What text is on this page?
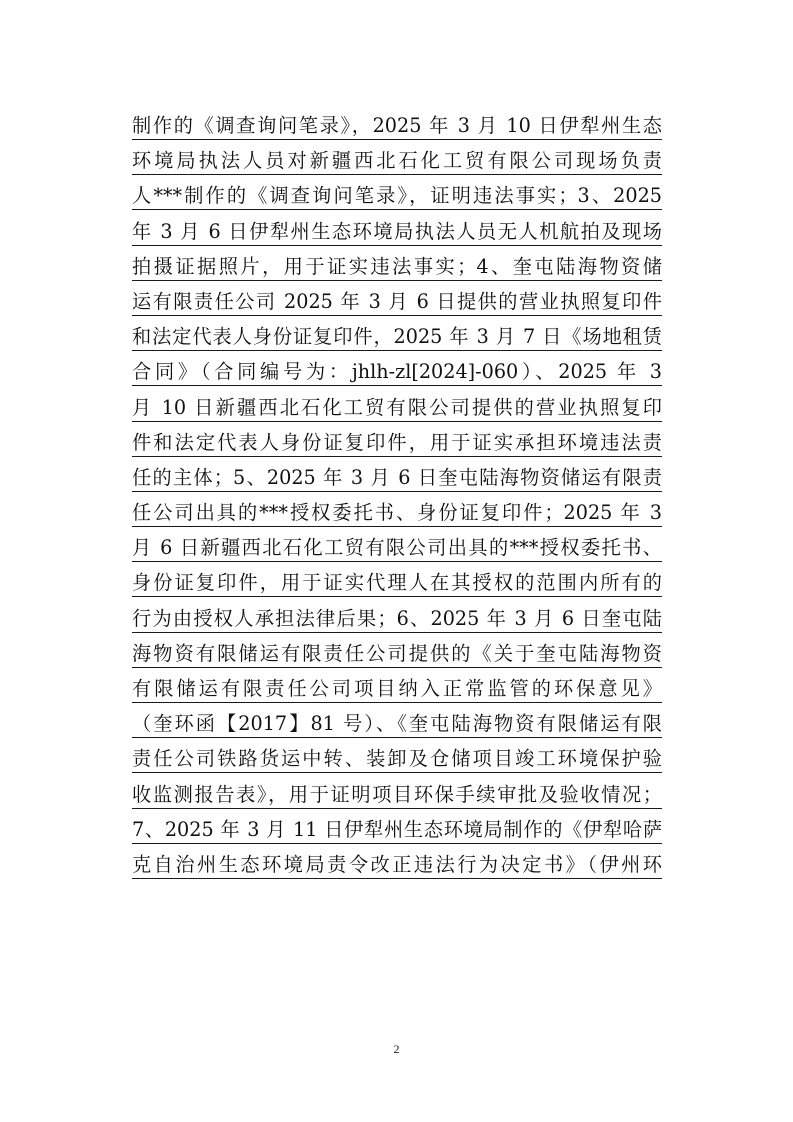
制作的《调查询问笔录》，2025 年 3 月 10 日伊犁州生态
环境局执法人员对新疆西北石化工贸有限公司现场负责
人***制作的《调查询问笔录》，证明违法事实；3、2025
年 3 月 6 日伊犁州生态环境局执法人员无人机航拍及现场
拍摄证据照片，用于证实违法事实；4、奎屯陆海物资储
运有限责任公司 2025 年 3 月 6 日提供的营业执照复印件
和法定代表人身份证复印件，2025 年 3 月 7 日《场地租赁
合同》（合同编号为：jhlh-zl[2024]-060）、2025 年 3
月 10 日新疆西北石化工贸有限公司提供的营业执照复印
件和法定代表人身份证复印件，用于证实承担环境违法责
任的主体；5、2025 年 3 月 6 日奎屯陆海物资储运有限责
任公司出具的***授权委托书、身份证复印件；2025 年 3
月 6 日新疆西北石化工贸有限公司出具的***授权委托书、
身份证复印件，用于证实代理人在其授权的范围内所有的
行为由授权人承担法律后果；6、2025 年 3 月 6 日奎屯陆
海物资有限储运有限责任公司提供的《关于奎屯陆海物资
有限储运有限责任公司项目纳入正常监管的环保意见》
（奎环函【2017】81 号）、《奎屯陆海物资有限储运有限
责任公司铁路货运中转、装卸及仓储项目竣工环境保护验
收监测报告表》，用于证明项目环保手续审批及验收情况；
7、2025 年 3 月 11 日伊犁州生态环境局制作的《伊犁哈萨
克自治州生态环境局责令改正违法行为决定书》（伊州环
2
